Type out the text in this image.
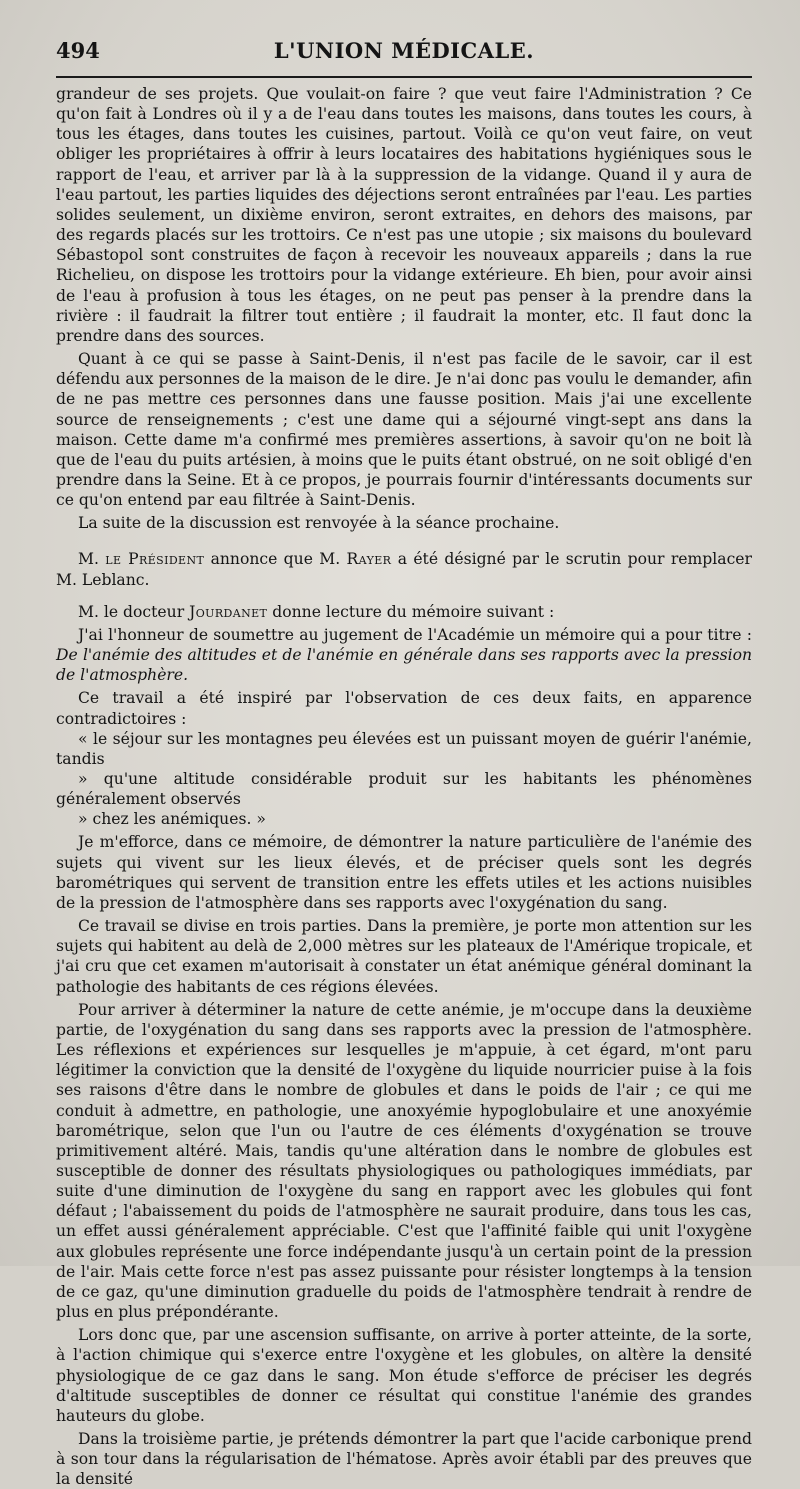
494	L'UNION MÉDICALE.

grandeur de ses projets. Que voulait-on faire ? que veut faire l'Administration ? Ce qu'on fait à Londres où il y a de l'eau dans toutes les maisons, dans toutes les cours, à tous les étages, dans toutes les cuisines, partout. Voilà ce qu'on veut faire, on veut obliger les propriétaires à offrir à leurs locataires des habitations hygiéniques sous le rapport de l'eau, et arriver par là à la suppression de la vidange. Quand il y aura de l'eau partout, les parties liquides des déjections seront entraînées par l'eau. Les parties solides seulement, un dixième environ, seront extraites, en dehors des maisons, par des regards placés sur les trottoirs. Ce n'est pas une utopie ; six maisons du boulevard Sébastopol sont construites de façon à recevoir les nouveaux appareils ; dans la rue Richelieu, on dispose les trottoirs pour la vidange extérieure. Eh bien, pour avoir ainsi de l'eau à profusion à tous les étages, on ne peut pas penser à la prendre dans la rivière : il faudrait la filtrer tout entière ; il faudrait la monter, etc. Il faut donc la prendre dans des sources.

Quant à ce qui se passe à Saint-Denis, il n'est pas facile de le savoir, car il est défendu aux personnes de la maison de le dire. Je n'ai donc pas voulu le demander, afin de ne pas mettre ces personnes dans une fausse position. Mais j'ai une excellente source de renseignements ; c'est une dame qui a séjourné vingt-sept ans dans la maison. Cette dame m'a confirmé mes premières assertions, à savoir qu'on ne boit là que de l'eau du puits artésien, à moins que le puits étant obstrué, on ne soit obligé d'en prendre dans la Seine. Et à ce propos, je pourrais fournir d'intéressants documents sur ce qu'on entend par eau filtrée à Saint-Denis.

La suite de la discussion est renvoyée à la séance prochaine.

M. le Président annonce que M. Rayer a été désigné par le scrutin pour remplacer M. Leblanc.

M. le docteur Jourdanet donne lecture du mémoire suivant :

J'ai l'honneur de soumettre au jugement de l'Académie un mémoire qui a pour titre : De l'anémie des altitudes et de l'anémie en générale dans ses rapports avec la pression de l'atmosphère.

Ce travail a été inspiré par l'observation de ces deux faits, en apparence contradictoires :
« le séjour sur les montagnes peu élevées est un puissant moyen de guérir l'anémie, tandis
» qu'une altitude considérable produit sur les habitants les phénomènes généralement observés
» chez les anémiques. »

Je m'efforce, dans ce mémoire, de démontrer la nature particulière de l'anémie des sujets qui vivent sur les lieux élevés, et de préciser quels sont les degrés barométriques qui servent de transition entre les effets utiles et les actions nuisibles de la pression de l'atmosphère dans ses rapports avec l'oxygénation du sang.

Ce travail se divise en trois parties. Dans la première, je porte mon attention sur les sujets qui habitent au delà de 2,000 mètres sur les plateaux de l'Amérique tropicale, et j'ai cru que cet examen m'autorisait à constater un état anémique général dominant la pathologie des habitants de ces régions élevées.

Pour arriver à déterminer la nature de cette anémie, je m'occupe dans la deuxième partie, de l'oxygénation du sang dans ses rapports avec la pression de l'atmosphère. Les réflexions et expériences sur lesquelles je m'appuie, à cet égard, m'ont paru légitimer la conviction que la densité de l'oxygène du liquide nourricier puise à la fois ses raisons d'être dans le nombre de globules et dans le poids de l'air ; ce qui me conduit à admettre, en pathologie, une anoxyémie hypoglobulaire et une anoxyémie barométrique, selon que l'un ou l'autre de ces éléments d'oxygénation se trouve primitivement altéré. Mais, tandis qu'une altération dans le nombre de globules est susceptible de donner des résultats physiologiques ou pathologiques immédiats, par suite d'une diminution de l'oxygène du sang en rapport avec les globules qui font défaut ; l'abaissement du poids de l'atmosphère ne saurait produire, dans tous les cas, un effet aussi généralement appréciable. C'est que l'affinité faible qui unit l'oxygène aux globules représente une force indépendante jusqu'à un certain point de la pression de l'air. Mais cette force n'est pas assez puissante pour résister longtemps à la tension de ce gaz, qu'une diminution graduelle du poids de l'atmosphère tendrait à rendre de plus en plus prépondérante.

Lors donc que, par une ascension suffisante, on arrive à porter atteinte, de la sorte, à l'action chimique qui s'exerce entre l'oxygène et les globules, on altère la densité physiologique de ce gaz dans le sang. Mon étude s'efforce de préciser les degrés d'altitude susceptibles de donner ce résultat qui constitue l'anémie des grandes hauteurs du globe.

Dans la troisième partie, je prétends démontrer la part que l'acide carbonique prend à son tour dans la régularisation de l'hématose. Après avoir établi par des preuves que la densité
